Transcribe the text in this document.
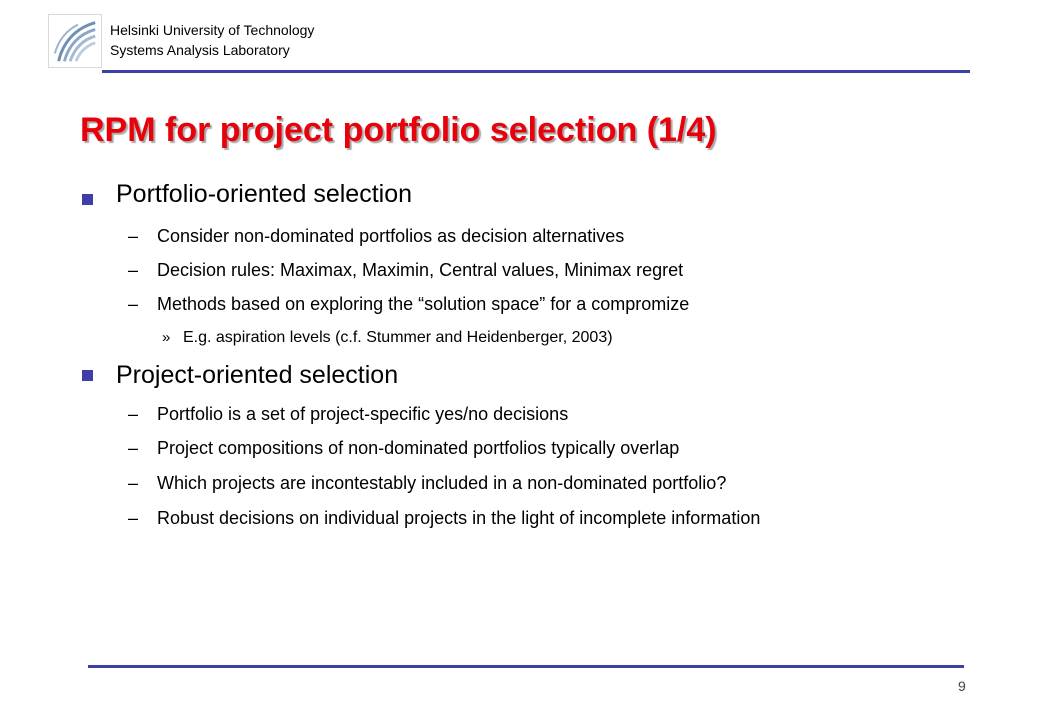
Helsinki University of Technology
Systems Analysis Laboratory
RPM for project portfolio selection (1/4)
Portfolio-oriented selection
– Consider non-dominated portfolios as decision alternatives
– Decision rules: Maximax, Maximin, Central values, Minimax regret
– Methods based on exploring the “solution space” for a compromize
» E.g. aspiration levels (c.f. Stummer and Heidenberger, 2003)
Project-oriented selection
– Portfolio is a set of project-specific yes/no decisions
– Project compositions of non-dominated portfolios typically overlap
– Which projects are incontestably included in a non-dominated portfolio?
– Robust decisions on individual projects in the light of incomplete information
9
